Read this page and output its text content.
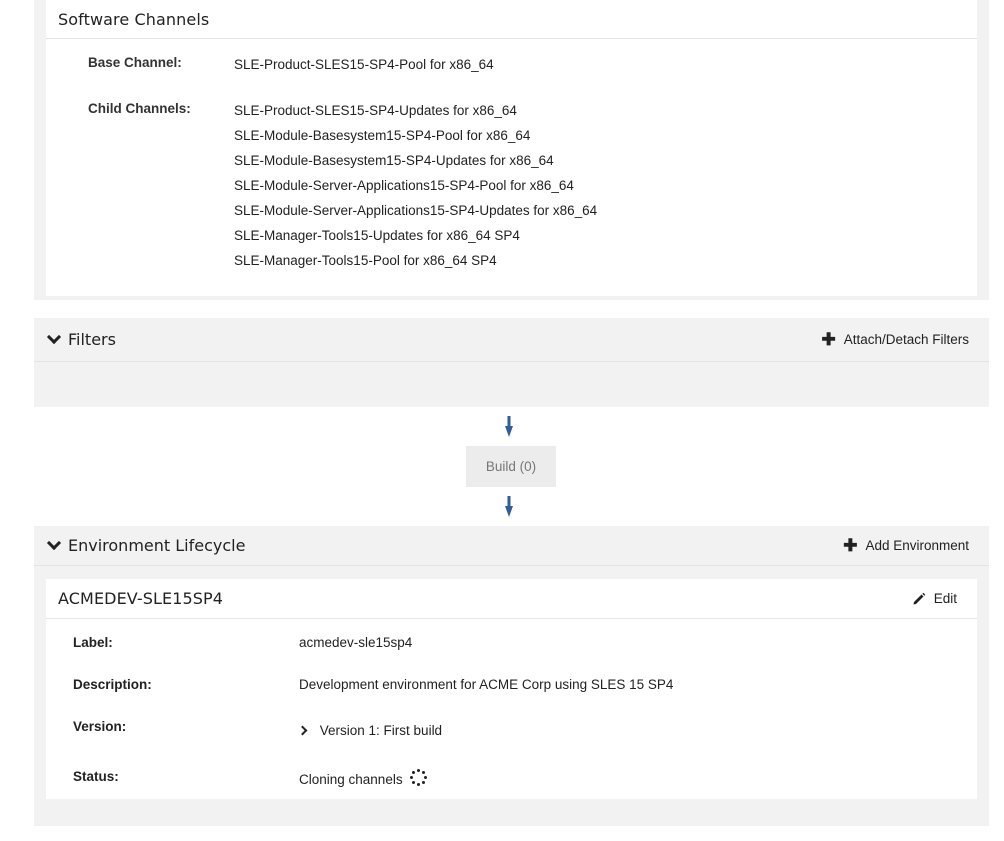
Software Channels
Base Channel:	SLE-Product-SLES15-SP4-Pool for x86_64
Child Channels:	SLE-Product-SLES15-SP4-Updates for x86_64
SLE-Module-Basesystem15-SP4-Pool for x86_64
SLE-Module-Basesystem15-SP4-Updates for x86_64
SLE-Module-Server-Applications15-SP4-Pool for x86_64
SLE-Module-Server-Applications15-SP4-Updates for x86_64
SLE-Manager-Tools15-Updates for x86_64 SP4
SLE-Manager-Tools15-Pool for x86_64 SP4
Filters	✚ Attach/Detach Filters
Build (0)
Environment Lifecycle	✚ Add Environment
ACMEDEV-SLE15SP4	Edit
Label:	acmedev-sle15sp4
Description:	Development environment for ACME Corp using SLES 15 SP4
Version:	Version 1: First build
Status:	Cloning channels
